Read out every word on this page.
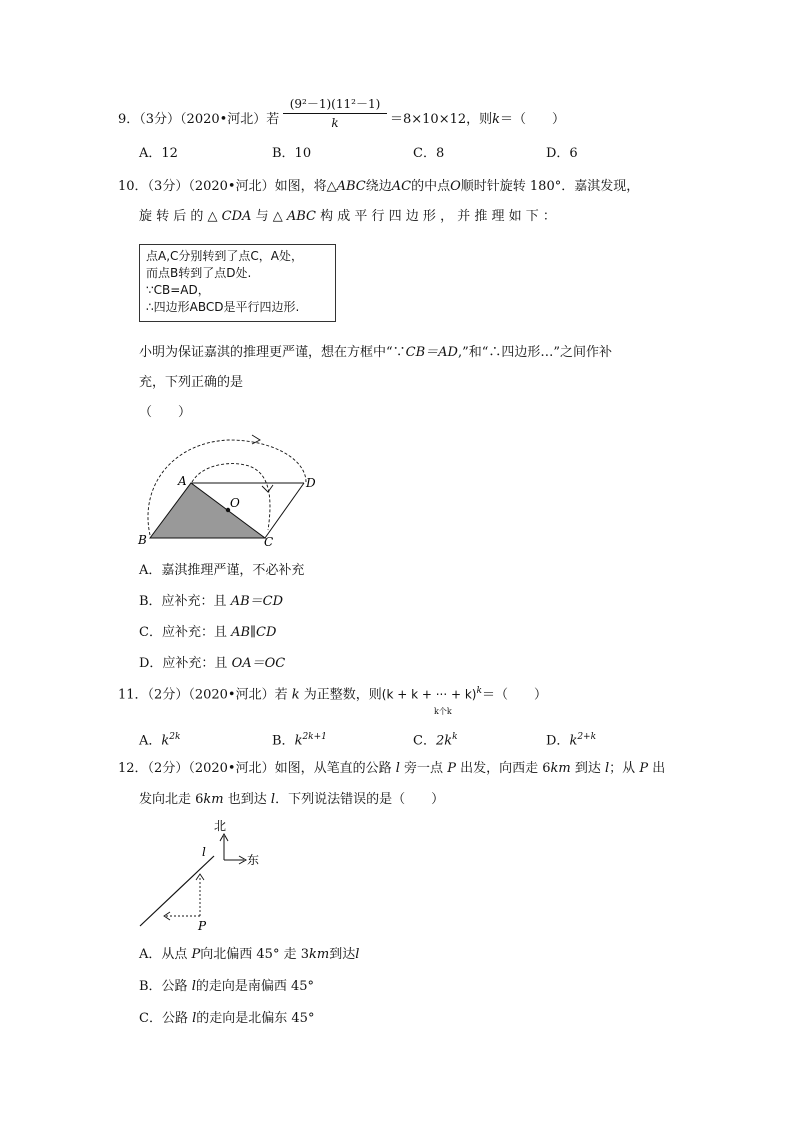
9．（3分）（2020•河北）若
(9²－1)(11²－1)
k	＝8×10×12，则k＝（　　）
A．12	B．10	C．8	D．6
10．（3分）（2020•河北）如图，将△ABC绕边AC的中点O顺时针旋转 180°．嘉淇发现，
旋 转 后 的 △ CDA 与 △ ABC 构 成 平 行 四 边 形 ， 并 推 理 如 下 ：
点A,C分别转到了点C，A处，
而点B转到了点D处.
∵CB=AD，
∴四边形ABCD是平行四边形.
小明为保证嘉淇的推理更严谨，想在方框中“∵CB＝AD,”和“∴四边形…”之间作补
充，下列正确的是
（　　）
A
B	C
D
O
A．嘉淇推理严谨，不必补充
B．应补充：且 AB＝CD
C．应补充：且 AB∥CD
D．应补充：且 OA＝OC
11．（2分）（2020•河北）若 k 为正整数，则(k + k + ··· + k)$^k$＝（　　）
k个k
A．$k^{2k}$	B．$k^{2k+1}$	C．$2k^k$	D．$k^{2+k}$
12．（2分）（2020•河北）如图，从笔直的公路 l 旁一点 P 出发，向西走 6km 到达 l；从 P 出
发向北走 6km 也到达 l．下列说法错误的是（　　）
北
东
l
P
A．从点 P向北偏西 45° 走 3km到达l
B．公路 l的走向是南偏西 45°
C．公路 l的走向是北偏东 45°
